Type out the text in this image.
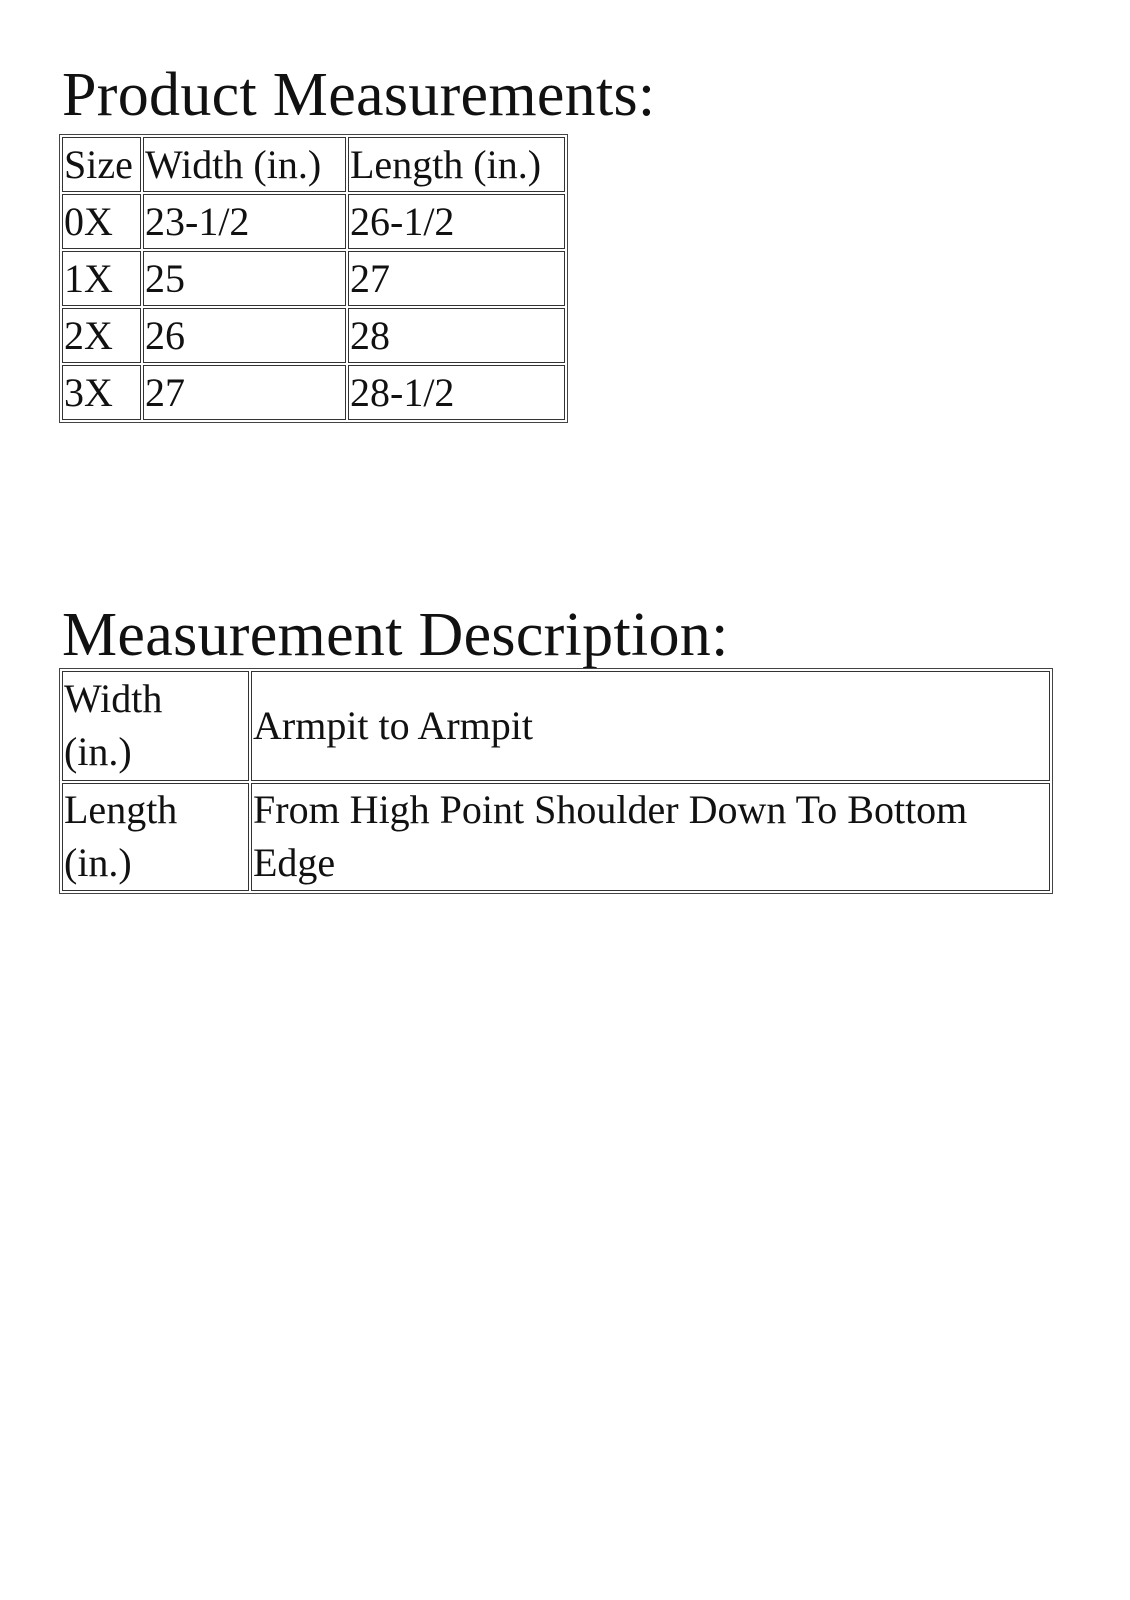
Product Measurements:
Size	Width (in.)	Length (in.)
0X	23-1/2	26-1/2
1X	25	27
2X	26	28
3X	27	28-1/2
Measurement Description:
Width
(in.)	Armpit to Armpit

Length
(in.)	From High Point Shoulder Down To Bottom Edge
